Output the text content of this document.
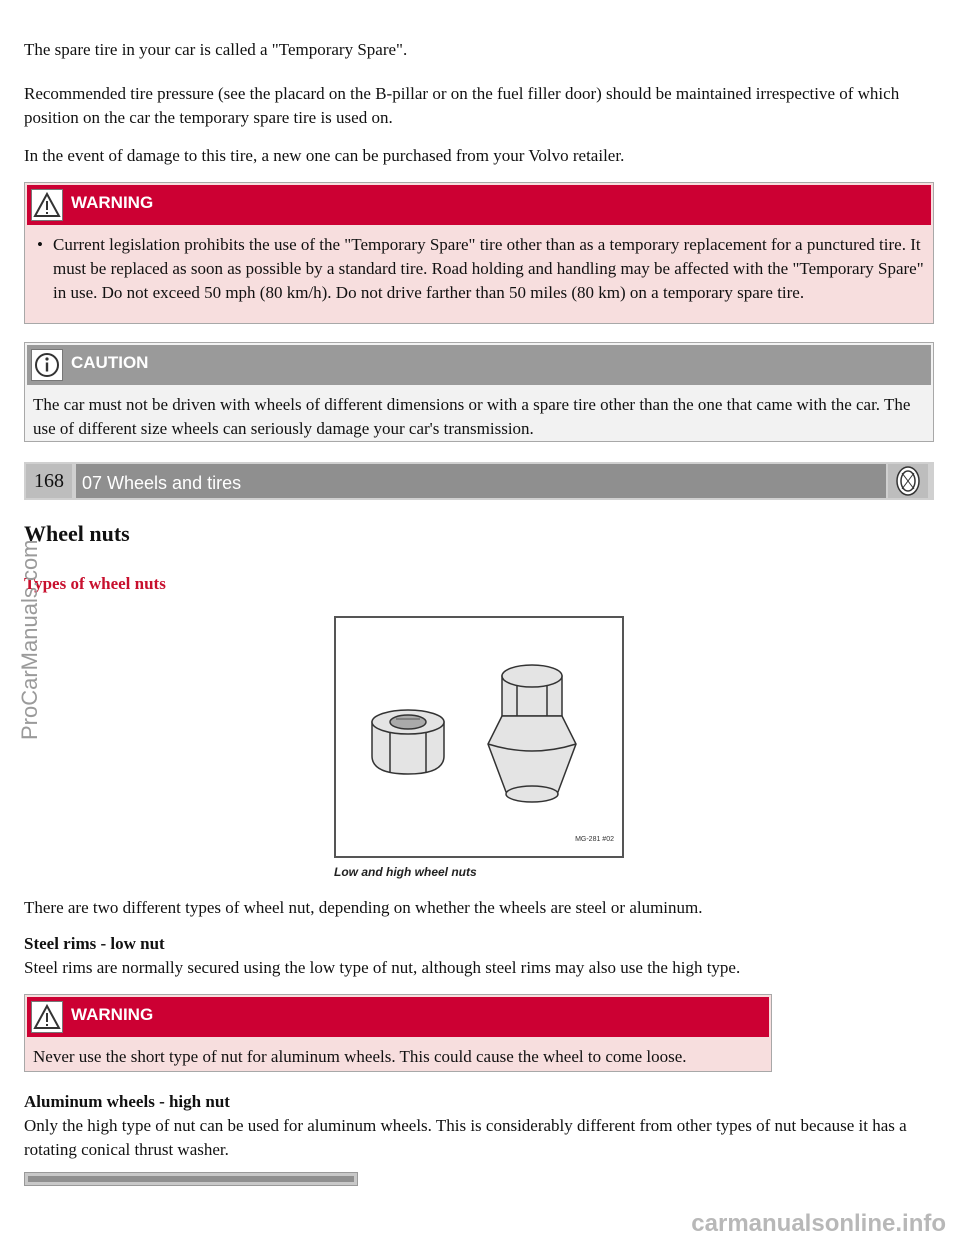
The spare tire in your car is called a "Temporary Spare".

Recommended tire pressure (see the placard on the B-pillar or on the fuel filler door) should be maintained irrespective of which position on the car the temporary spare tire is used on.

In the event of damage to this tire, a new one can be purchased from your Volvo retailer.

WARNING
• Current legislation prohibits the use of the "Temporary Spare" tire other than as a temporary replacement for a punctured tire. It must be replaced as soon as possible by a standard tire. Road holding and handling may be affected with the "Temporary Spare" in use. Do not exceed 50 mph (80 km/h). Do not drive farther than 50 miles (80 km) on a temporary spare tire.
CAUTION

The car must not be driven with wheels of different dimensions or with a spare tire other than the one that came with the car. The use of different size wheels can seriously damage your car's transmission.

168	07 Wheels and tires
Wheel nuts
Types of wheel nuts
MG-281 #02
Low and high wheel nuts

There are two different types of wheel nut, depending on whether the wheels are steel or aluminum.

Steel rims - low nut

Steel rims are normally secured using the low type of nut, although steel rims may also use the high type.

WARNING

Never use the short type of nut for aluminum wheels. This could cause the wheel to come loose.

Aluminum wheels - high nut

Only the high type of nut can be used for aluminum wheels. This is considerably different from other types of nut because it has a rotating conical thrust washer.

ProCarManuals.com
carmanualsonline.info
